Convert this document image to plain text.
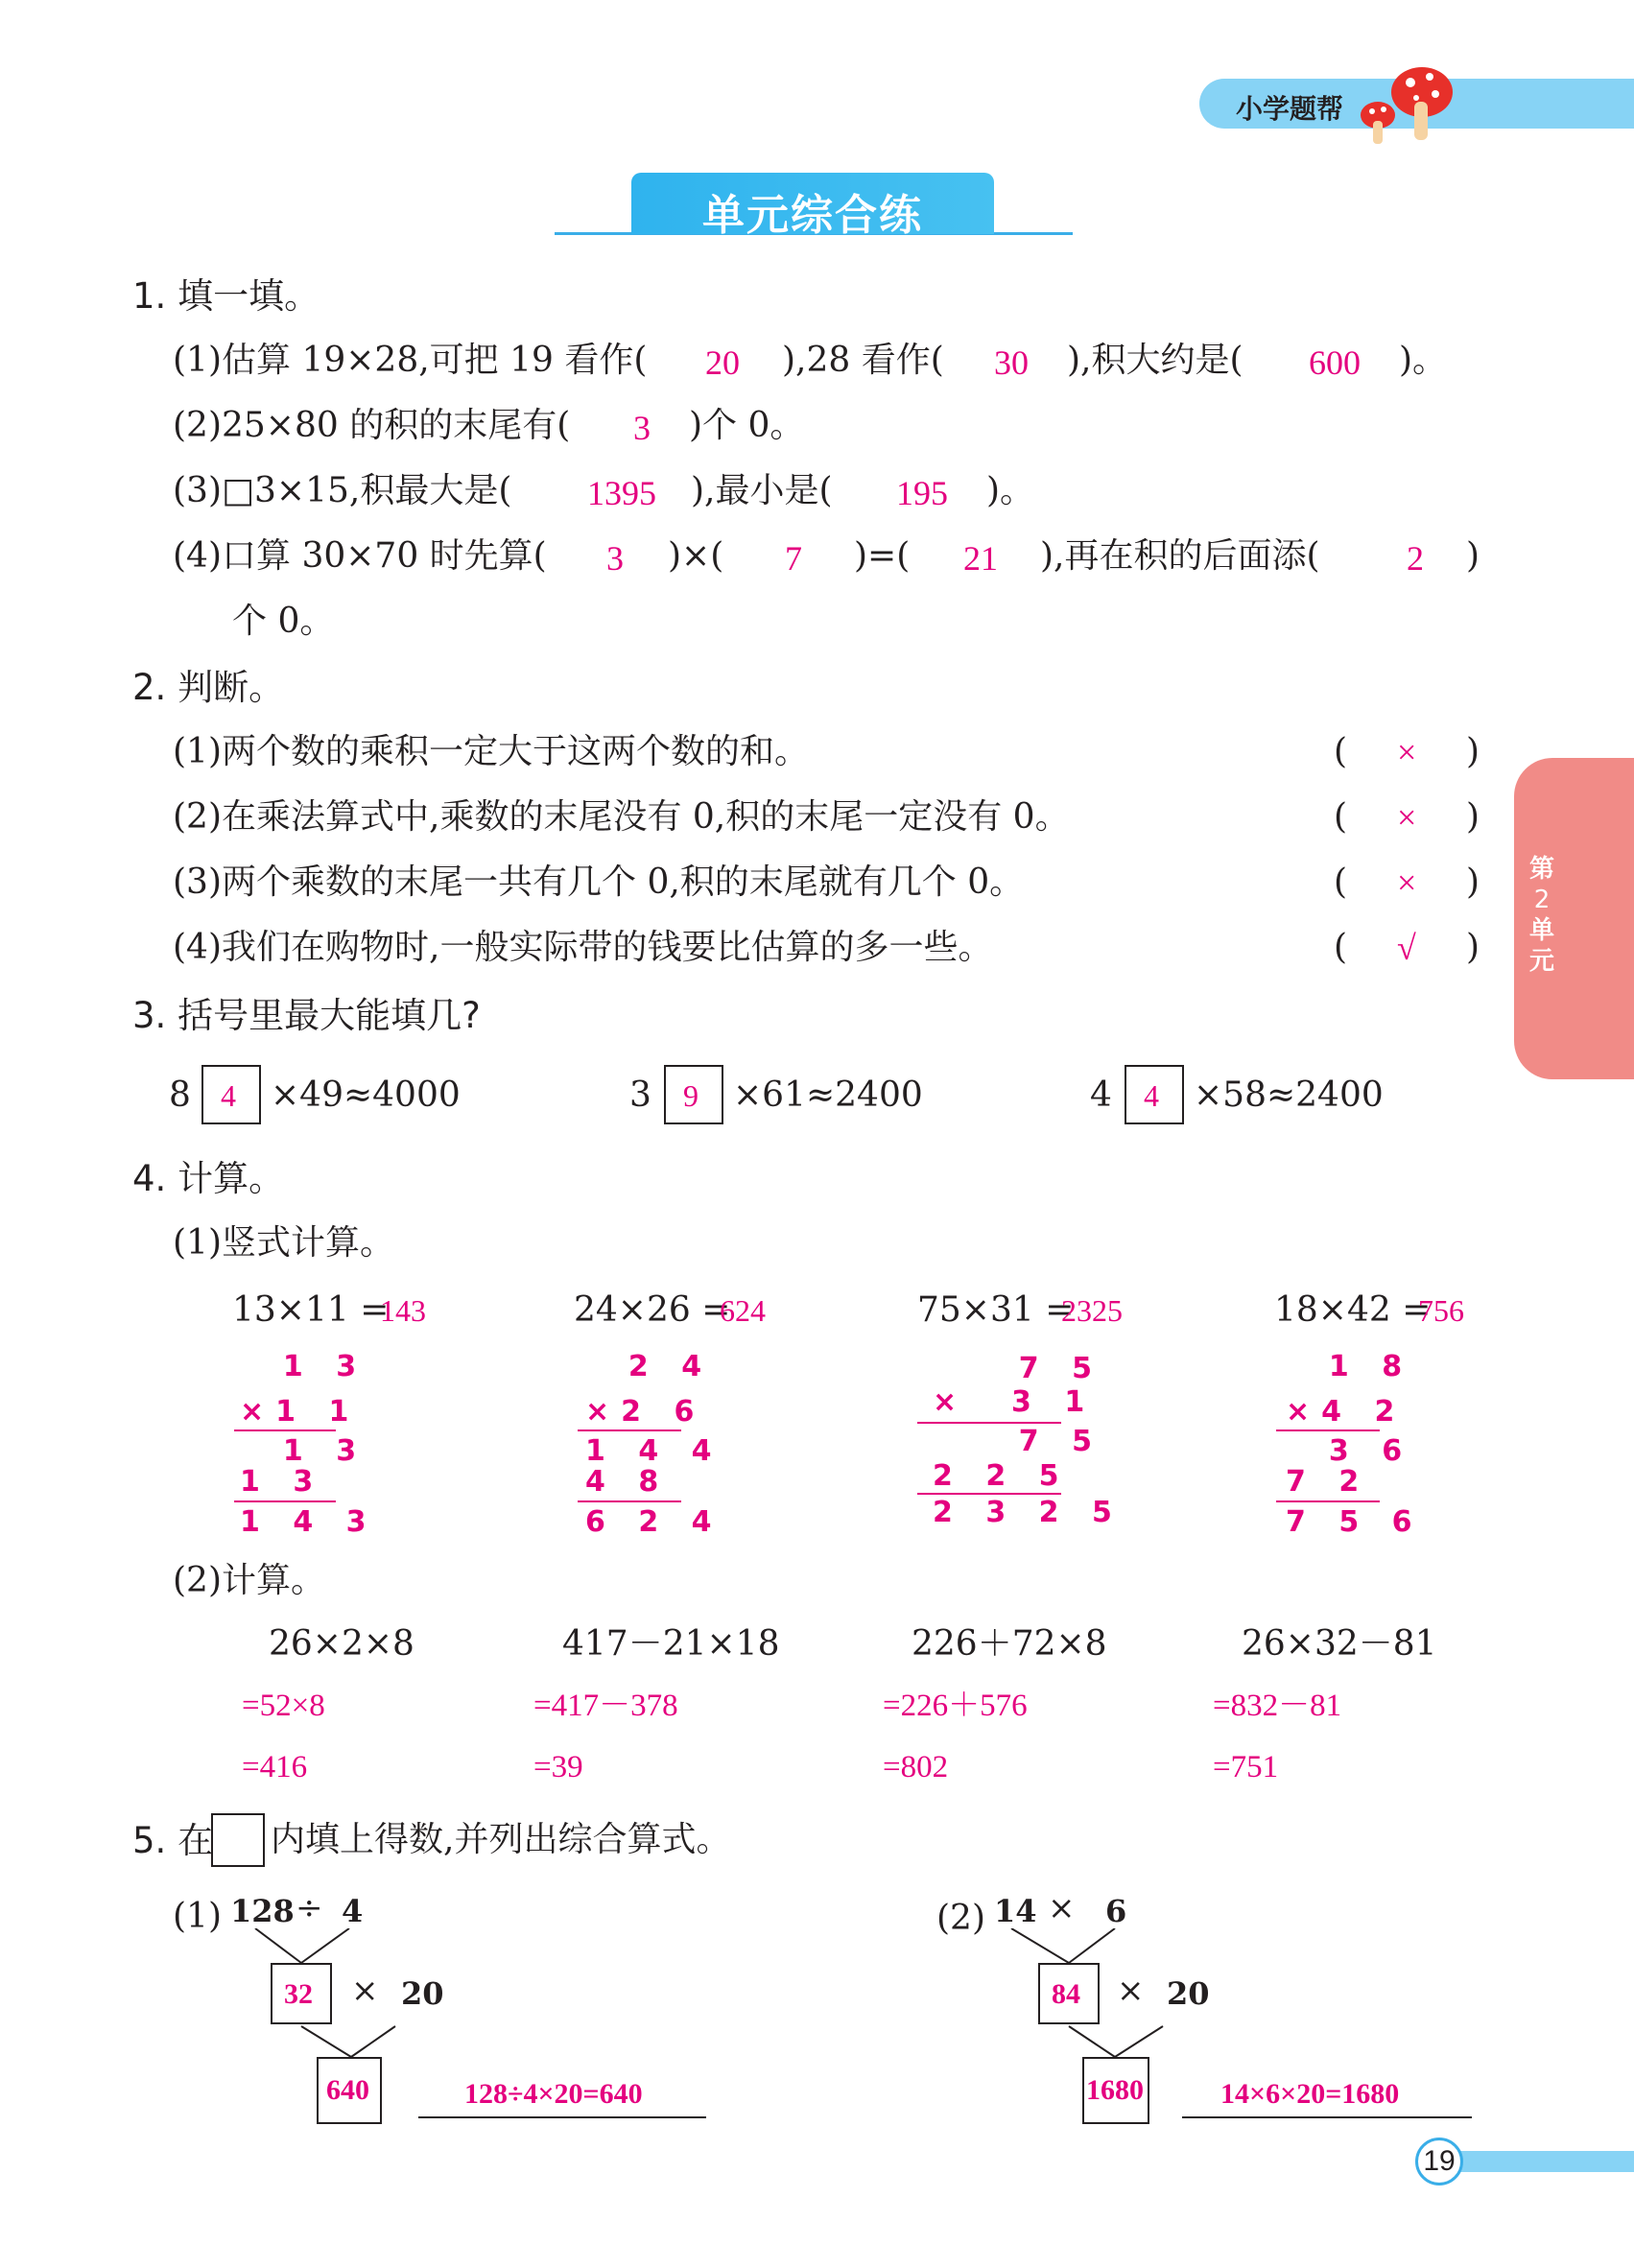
小学题帮
单元综合练
第
2
单
元
1. 填一填。
(1)估算 19×28,可把 19 看作( 20 ),28 看作( 30 ),积大约是( 600 )。
(2)25×80 的积的末尾有( 3 )个 0。
(3)□3×15,积最大是( 1395 ),最小是( 195 )。
(4)口算 30×70 时先算( 3 )×( 7 )=( 21 ),再在积的后面添(	2 )
个 0。
2. 判断。
(1)两个数的乘积一定大于这两个数的和。	( × )
(2)在乘法算式中,乘数的末尾没有 0,积的末尾一定没有 0。	( × )
(3)两个乘数的末尾一共有几个 0,积的末尾就有几个 0。	( × )
(4)我们在购物时,一般实际带的钱要比估算的多一些。	( √ )
3. 括号里最大能填几?
8 4 ×49≈4000	3 9 ×61≈2400	4 4 ×58≈2400
4. 计算。
(1)竖式计算。
13×11 =
143
1 3
×1 1
1 3
1 3
1 4 3
24×26 =
624
2 4
×2 6
1 4 4
4 8
6 2 4
75×31 =
2325
7 5
×  3 1
7 5
2 2 5
2 3 2 5
18×42 =
756
1 8
×4 2
3 6
7 2
7 5 6
(2)计算。
26×2×8
=52×8
=416
417－21×18
=417－378
=39
226＋72×8
=226＋576
=802
26×32－81
=832－81
=751
5. 在 内填上得数,并列出综合算式。
(1) 128 ÷ 4
32 × 20
640	128÷4×20=640
(2) 14 × 6
84 × 20
1680	14×6×20=1680
19
